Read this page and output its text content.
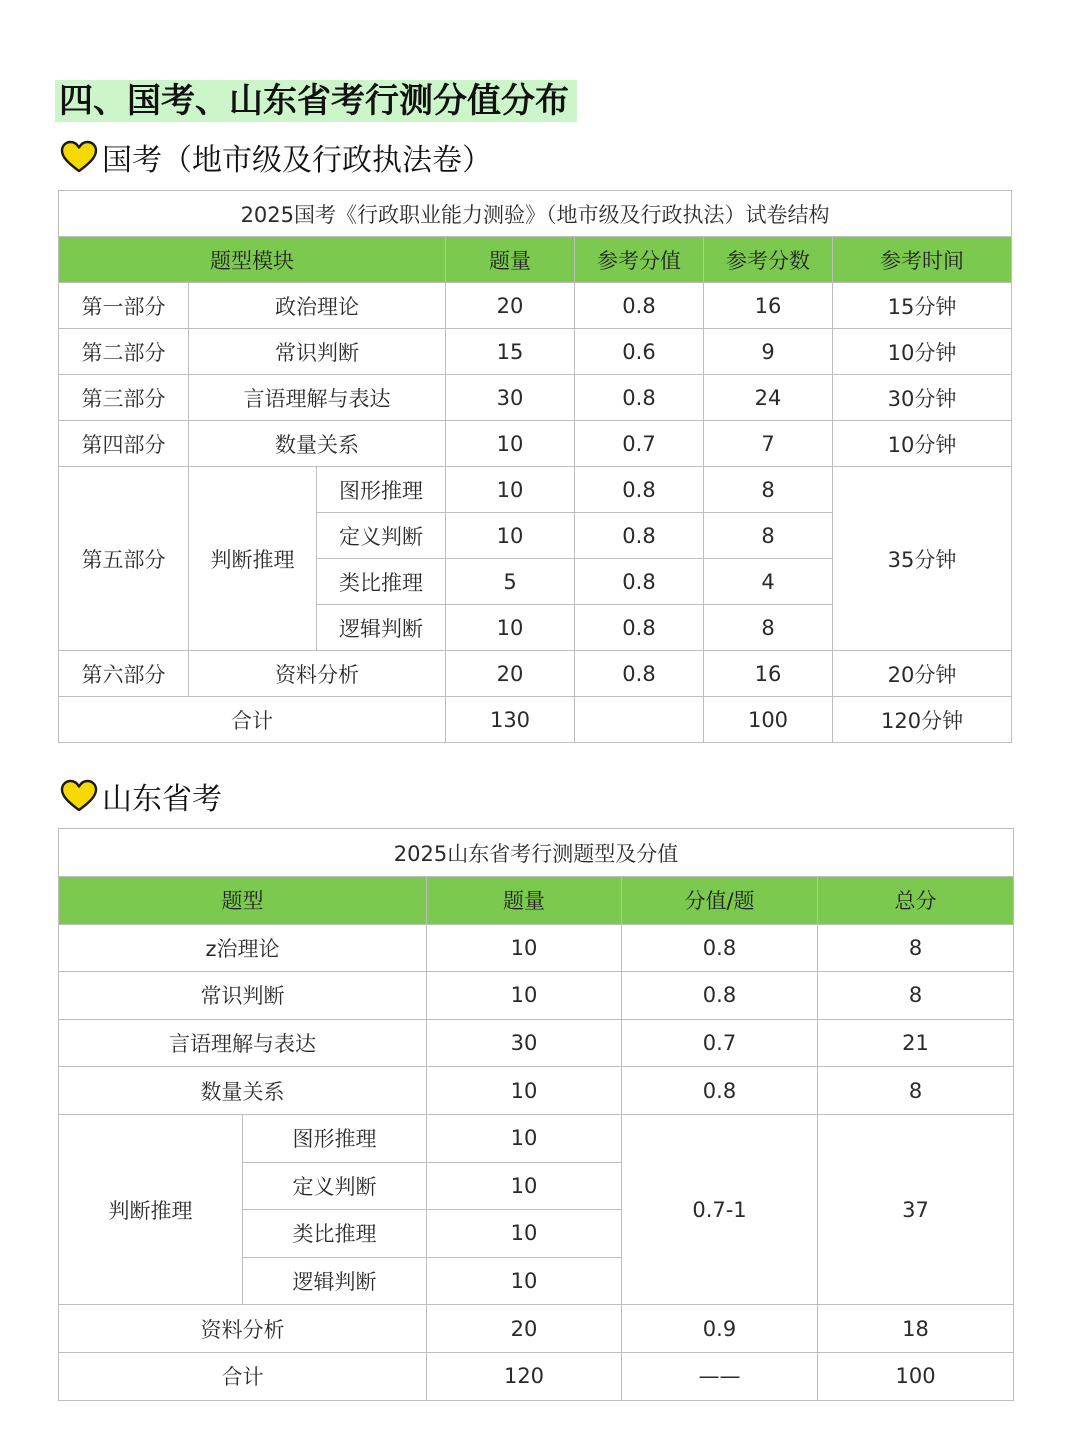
四、国考、山东省考行测分值分布
国考（地市级及行政执法卷）
2025国考《行政职业能力测验》（地市级及行政执法）试卷结构						
题型模块			题量	参考分值	参考分数	参考时间
第一部分	政治理论		20	0.8	16	15分钟
第二部分	常识判断		15	0.6	9	10分钟
第三部分	言语理解与表达		30	0.8	24	30分钟
第四部分	数量关系		10	0.7	7	10分钟
第五部分	判断推理	图形推理	10	0.8	8	35分钟
		定义判断	10	0.8	8	
		类比推理	5	0.8	4	
		逻辑判断	10	0.8	8	
第六部分	资料分析		20	0.8	16	20分钟
合计			130		100	120分钟
山东省考
2025山东省考行测题型及分值				
题型		题量	分值/题	总分
z治理论		10	0.8	8
常识判断		10	0.8	8
言语理解与表达		30	0.7	21
数量关系		10	0.8	8
判断推理	图形推理	10	0.7-1	37
	定义判断	10		
	类比推理	10		
	逻辑判断	10		
资料分析		20	0.9	18
合计		120	——	100
